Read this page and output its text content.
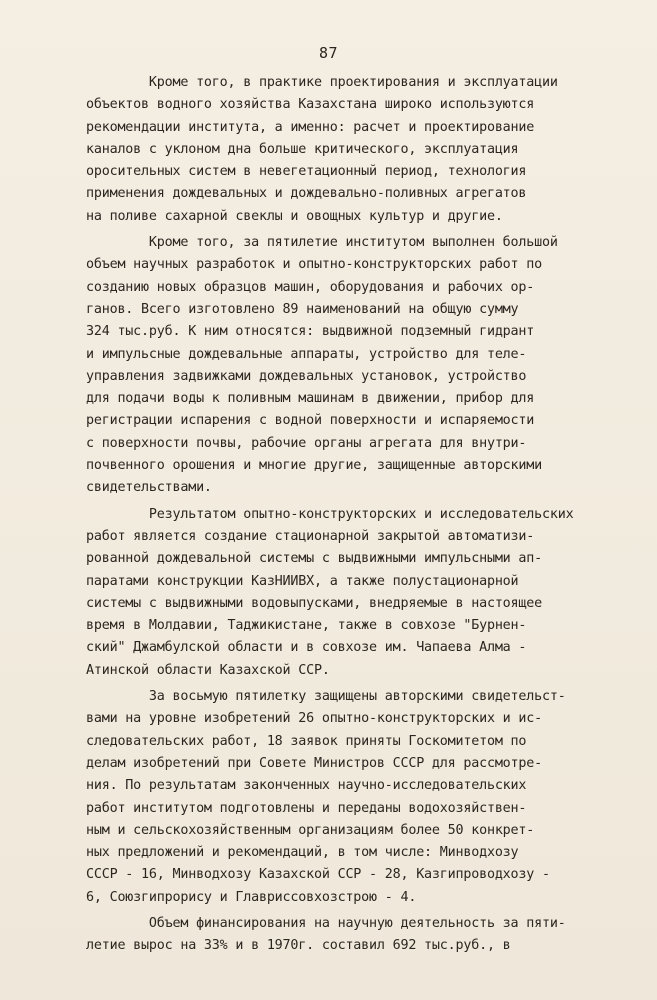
87
Кроме того, в практике проектирования и эксплуатации
объектов водного хозяйства Казахстана широко используются
рекомендации института, а именно: расчет и проектирование
каналов с уклоном дна больше критического, эксплуатация
оросительных систем в невегетационный период, технология
применения дождевальных и дождевально-поливных агрегатов
на поливе сахарной свеклы и овощных культур и другие.
Кроме того, за пятилетие институтом выполнен большой
объем научных разработок и опытно-конструкторских работ по
созданию новых образцов машин, оборудования и рабочих ор-
ганов. Всего изготовлено 89 наименований на общую сумму
324 тыс.руб. К ним относятся: выдвижной подземный гидрант
и импульсные дождевальные аппараты, устройство для теле-
управления задвижками дождевальных установок, устройство
для подачи воды к поливным машинам в движении, прибор для
регистрации испарения с водной поверхности и испаряемости
с поверхности почвы, рабочие органы агрегата для внутри-
почвенного орошения и многие другие, защищенные авторскими
свидетельствами.
Результатом опытно-конструкторских и исследовательских
работ является создание стационарной закрытой автоматизи-
рованной дождевальной системы с выдвижными импульсными ап-
паратами конструкции КазНИИВХ, а также полустационарной
системы с выдвижными водовыпусками, внедряемые в настоящее
время в Молдавии, Таджикистане, также в совхозе "Бурнен-
ский" Джамбулской области и в совхозе им. Чапаева Алма -
Атинской области Казахской ССР.
За восьмую пятилетку защищены авторскими свидетельст-
вами на уровне изобретений 26 опытно-конструкторских и ис-
следовательских работ, 18 заявок приняты Госкомитетом по
делам изобретений при Совете Министров СССР для рассмотре-
ния. По результатам законченных научно-исследовательских
работ институтом подготовлены и переданы водохозяйствен-
ным и сельскохозяйственным организациям более 50 конкрет-
ных предложений и рекомендаций, в том числе: Минводхозу
СССР - 16, Минводхозу Казахской ССР - 28, Казгипроводхозу -
6, Союзгипрорису и Главриссовхозстрою - 4.
Объем финансирования на научную деятельность за пяти-
летие вырос на 33% и в 1970г. составил 692 тыс.руб., в
